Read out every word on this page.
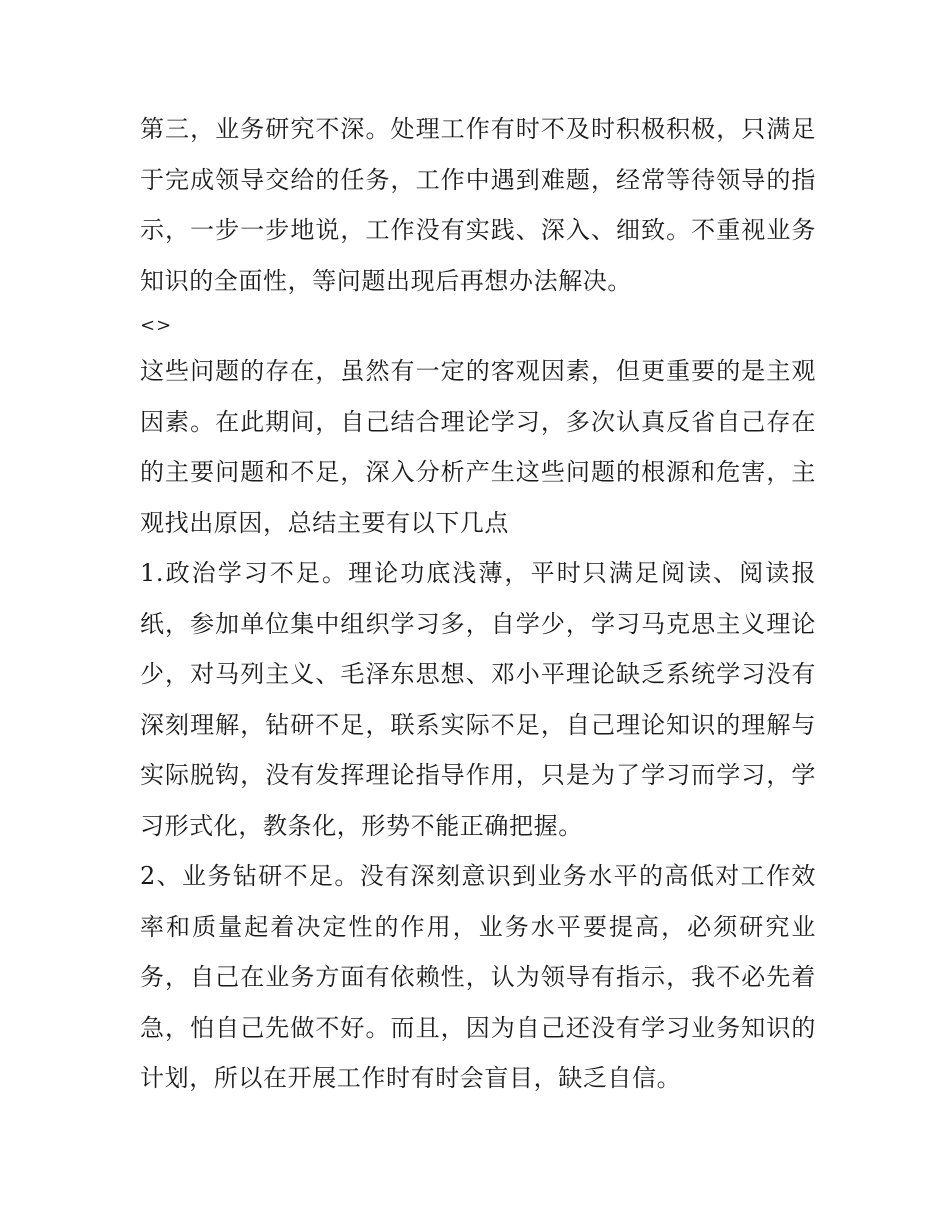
第三，业务研究不深。处理工作有时不及时积极积极，只满足于完成领导交给的任务，工作中遇到难题，经常等待领导的指示，一步一步地说，工作没有实践、深入、细致。不重视业务知识的全面性，等问题出现后再想办法解决。

<>

这些问题的存在，虽然有一定的客观因素，但更重要的是主观因素。在此期间，自己结合理论学习，多次认真反省自己存在的主要问题和不足，深入分析产生这些问题的根源和危害，主观找出原因，总结主要有以下几点

1.政治学习不足。理论功底浅薄，平时只满足阅读、阅读报纸，参加单位集中组织学习多，自学少，学习马克思主义理论少，对马列主义、毛泽东思想、邓小平理论缺乏系统学习没有深刻理解，钻研不足，联系实际不足，自己理论知识的理解与实际脱钩，没有发挥理论指导作用，只是为了学习而学习，学习形式化，教条化，形势不能正确把握。

2、业务钻研不足。没有深刻意识到业务水平的高低对工作效率和质量起着决定性的作用，业务水平要提高，必须研究业务，自己在业务方面有依赖性，认为领导有指示，我不必先着急，怕自己先做不好。而且，因为自己还没有学习业务知识的计划，所以在开展工作时有时会盲目，缺乏自信。
